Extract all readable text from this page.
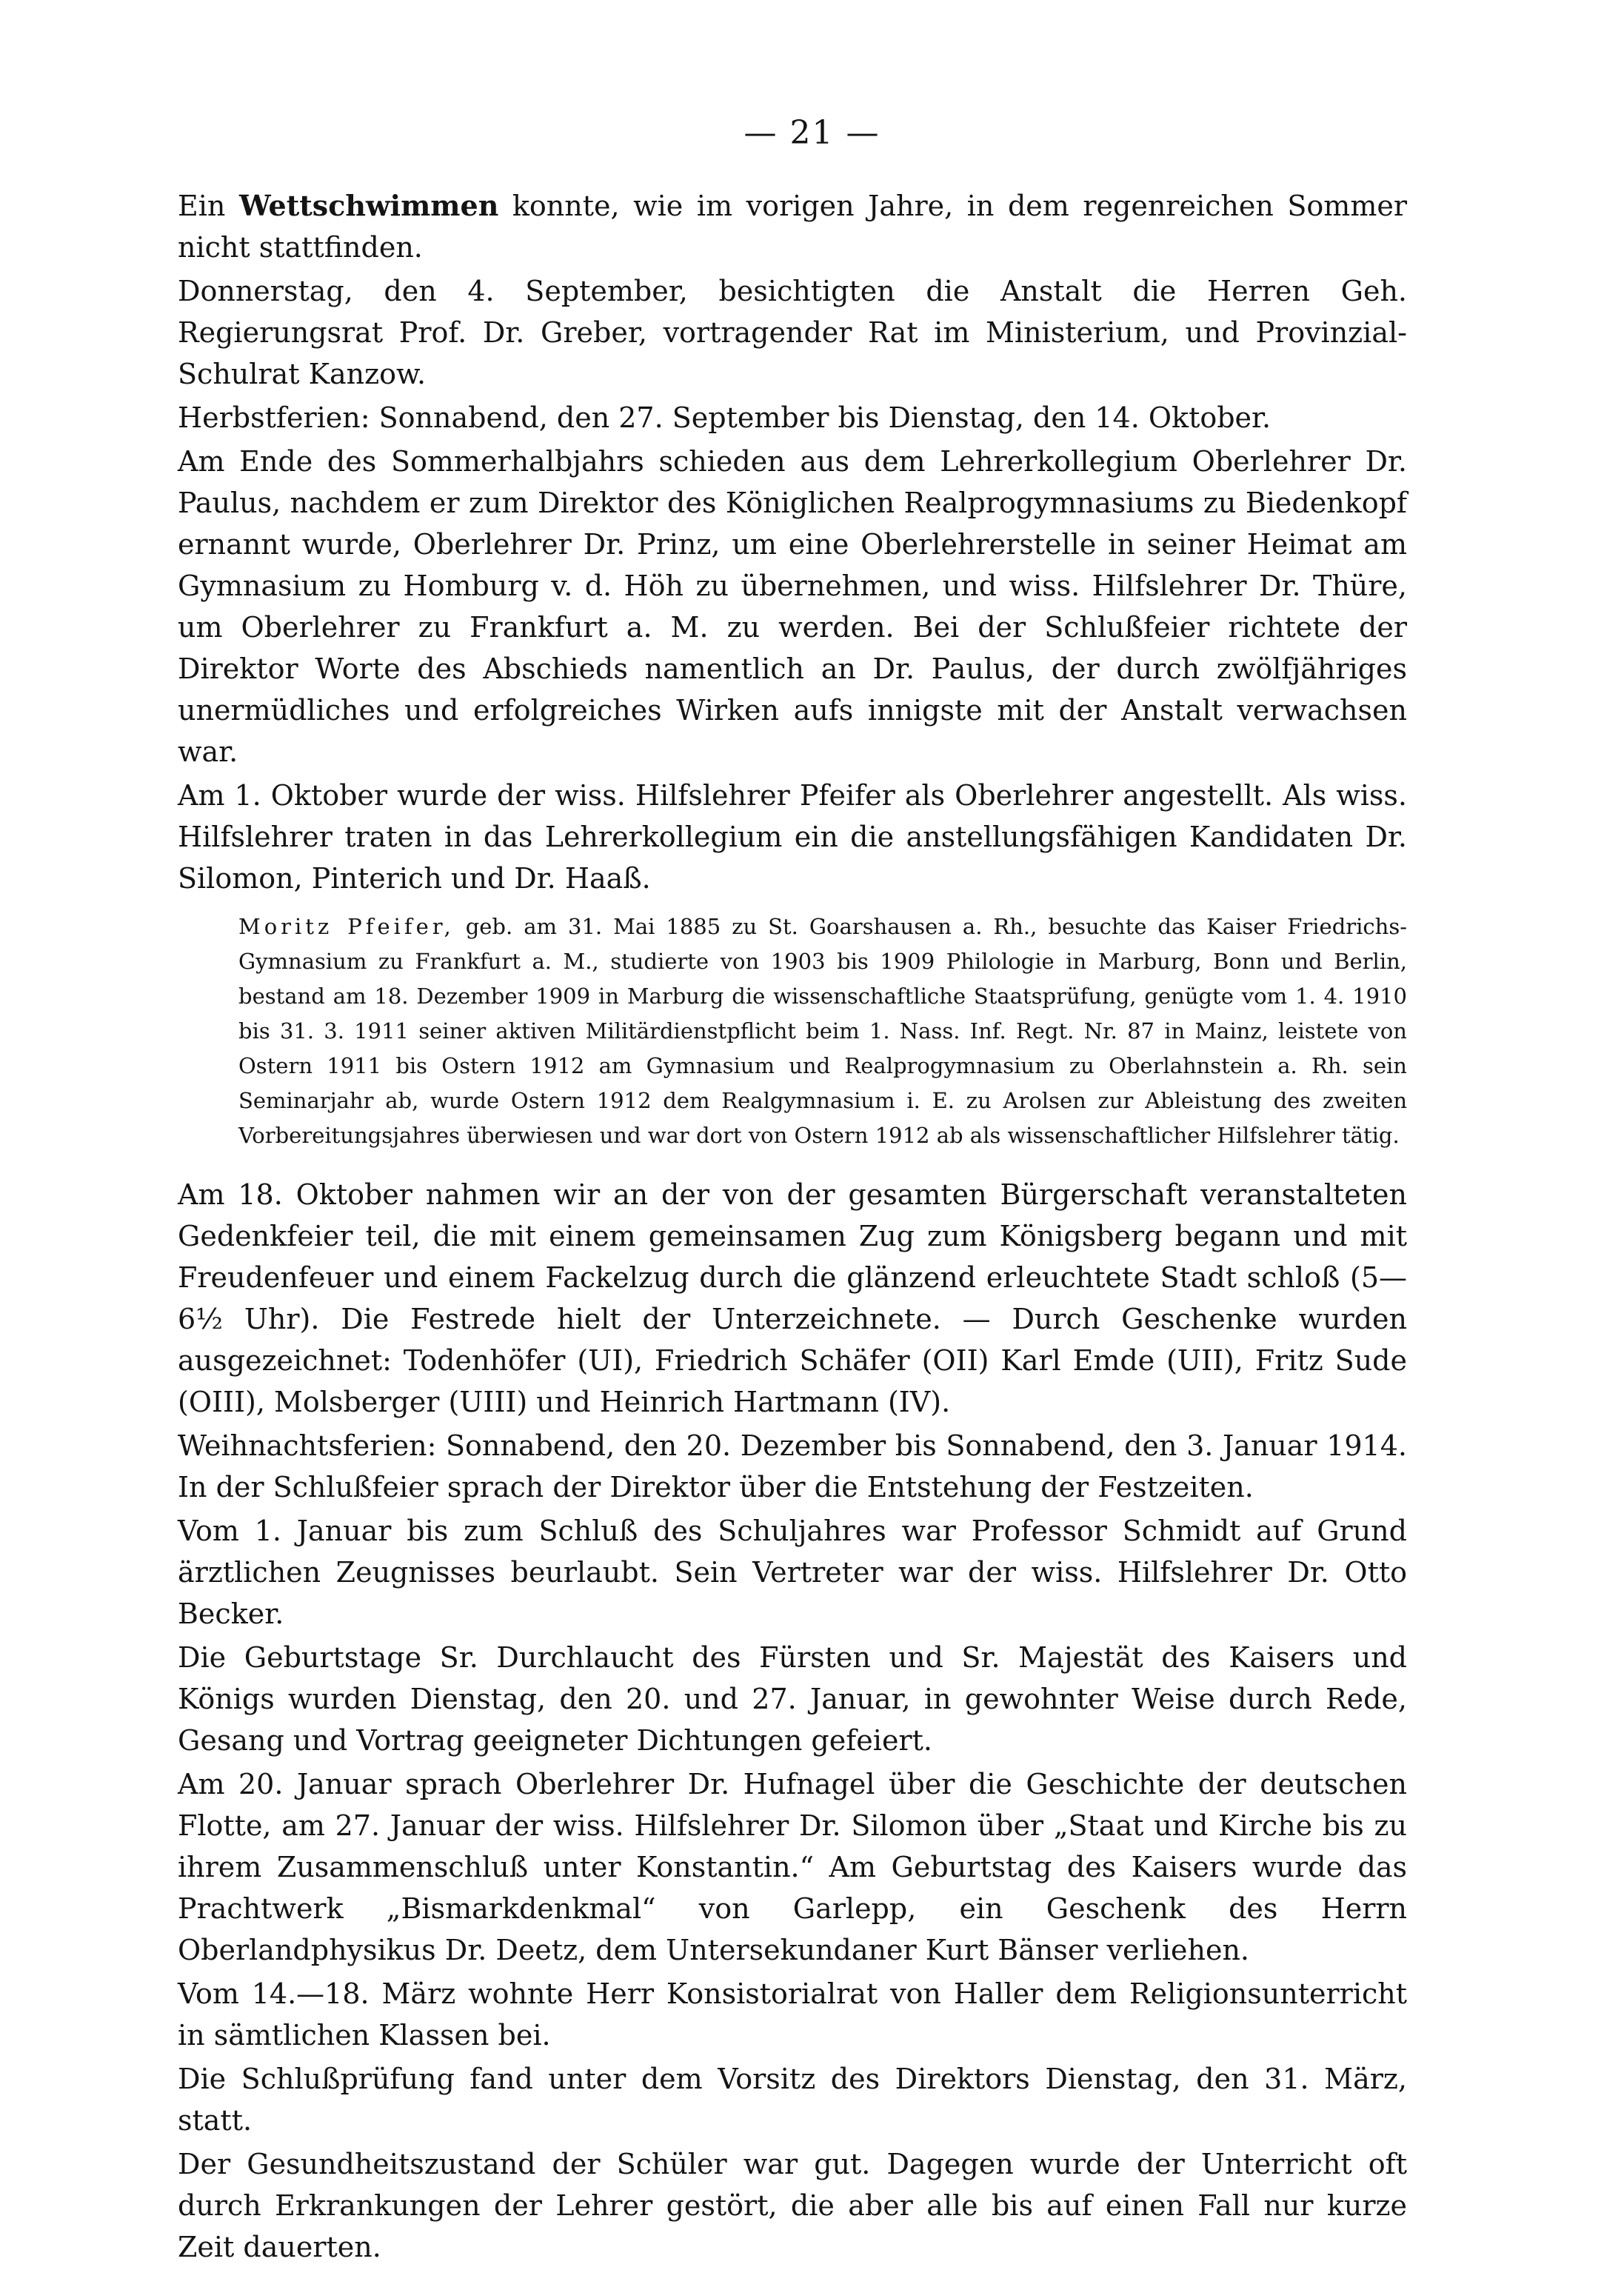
— 21 —

Ein Wettschwimmen konnte, wie im vorigen Jahre, in dem regenreichen Sommer nicht stattfinden.

Donnerstag, den 4. September, besichtigten die Anstalt die Herren Geh. Regierungsrat Prof. Dr. Greber, vortragender Rat im Ministerium, und Provinzial-Schulrat Kanzow.

Herbstferien: Sonnabend, den 27. September bis Dienstag, den 14. Oktober.

Am Ende des Sommerhalbjahrs schieden aus dem Lehrerkollegium Oberlehrer Dr. Paulus, nachdem er zum Direktor des Königlichen Realprogymnasiums zu Biedenkopf ernannt wurde, Oberlehrer Dr. Prinz, um eine Oberlehrerstelle in seiner Heimat am Gymnasium zu Homburg v. d. Höh zu übernehmen, und wiss. Hilfslehrer Dr. Thüre, um Oberlehrer zu Frankfurt a. M. zu werden. Bei der Schlußfeier richtete der Direktor Worte des Abschieds namentlich an Dr. Paulus, der durch zwölfjähriges unermüdliches und erfolgreiches Wirken aufs innigste mit der Anstalt verwachsen war.

Am 1. Oktober wurde der wiss. Hilfslehrer Pfeifer als Oberlehrer angestellt. Als wiss. Hilfslehrer traten in das Lehrerkollegium ein die anstellungsfähigen Kandidaten Dr. Silomon, Pinterich und Dr. Haaß.

Moritz Pfeifer, geb. am 31. Mai 1885 zu St. Goarshausen a. Rh., besuchte das Kaiser Friedrichs-Gymnasium zu Frankfurt a. M., studierte von 1903 bis 1909 Philologie in Marburg, Bonn und Berlin, bestand am 18. Dezember 1909 in Marburg die wissenschaftliche Staatsprüfung, genügte vom 1. 4. 1910 bis 31. 3. 1911 seiner aktiven Militärdienstpflicht beim 1. Nass. Inf. Regt. Nr. 87 in Mainz, leistete von Ostern 1911 bis Ostern 1912 am Gymnasium und Realprogymnasium zu Oberlahnstein a. Rh. sein Seminarjahr ab, wurde Ostern 1912 dem Realgymnasium i. E. zu Arolsen zur Ableistung des zweiten Vorbereitungsjahres überwiesen und war dort von Ostern 1912 ab als wissenschaftlicher Hilfslehrer tätig.

Am 18. Oktober nahmen wir an der von der gesamten Bürgerschaft veranstalteten Gedenkfeier teil, die mit einem gemeinsamen Zug zum Königsberg begann und mit Freudenfeuer und einem Fackelzug durch die glänzend erleuchtete Stadt schloß (5—6½ Uhr). Die Festrede hielt der Unterzeichnete. — Durch Geschenke wurden ausgezeichnet: Todenhöfer (UI), Friedrich Schäfer (OII) Karl Emde (UII), Fritz Sude (OIII), Molsberger (UIII) und Heinrich Hartmann (IV).

Weihnachtsferien: Sonnabend, den 20. Dezember bis Sonnabend, den 3. Januar 1914. In der Schlußfeier sprach der Direktor über die Entstehung der Festzeiten.

Vom 1. Januar bis zum Schluß des Schuljahres war Professor Schmidt auf Grund ärztlichen Zeugnisses beurlaubt. Sein Vertreter war der wiss. Hilfslehrer Dr. Otto Becker.

Die Geburtstage Sr. Durchlaucht des Fürsten und Sr. Majestät des Kaisers und Königs wurden Dienstag, den 20. und 27. Januar, in gewohnter Weise durch Rede, Gesang und Vortrag geeigneter Dichtungen gefeiert.

Am 20. Januar sprach Oberlehrer Dr. Hufnagel über die Geschichte der deutschen Flotte, am 27. Januar der wiss. Hilfslehrer Dr. Silomon über „Staat und Kirche bis zu ihrem Zusammenschluß unter Konstantin.“ Am Geburtstag des Kaisers wurde das Prachtwerk „Bismarkdenkmal“ von Garlepp, ein Geschenk des Herrn Oberlandphysikus Dr. Deetz, dem Untersekundaner Kurt Bänser verliehen.

Vom 14.—18. März wohnte Herr Konsistorialrat von Haller dem Religionsunterricht in sämtlichen Klassen bei.

Die Schlußprüfung fand unter dem Vorsitz des Direktors Dienstag, den 31. März, statt.

Der Gesundheitszustand der Schüler war gut. Dagegen wurde der Unterricht oft durch Erkrankungen der Lehrer gestört, die aber alle bis auf einen Fall nur kurze Zeit dauerten.
